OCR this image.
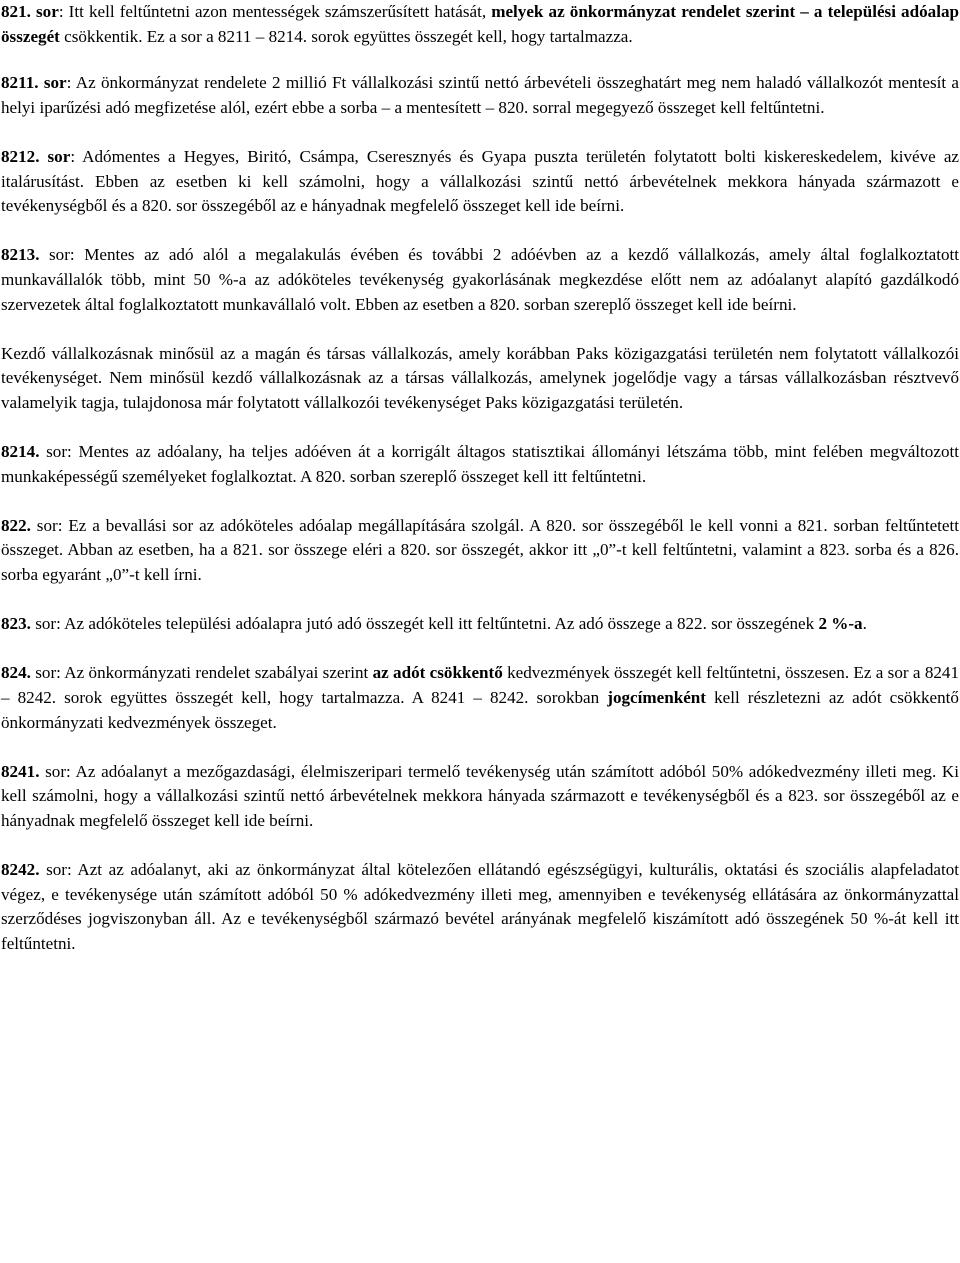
821. sor: Itt kell feltűntetni azon mentességek számszerűsített hatását, melyek az önkormányzat rendelet szerint – a települési adóalap összegét csökkentik. Ez a sor a 8211 – 8214. sorok együttes összegét kell, hogy tartalmazza.

8211. sor: Az önkormányzat rendelete 2 millió Ft vállalkozási szintű nettó árbevételi összeghatárt meg nem haladó vállalkozót mentesít a helyi iparűzési adó megfizetése alól, ezért ebbe a sorba – a mentesített – 820. sorral megegyező összeget kell feltűntetni.

8212. sor: Adómentes a Hegyes, Biritó, Csámpa, Cseresznyés és Gyapa puszta területén folytatott bolti kiskereskedelem, kivéve az italárusítást. Ebben az esetben ki kell számolni, hogy a vállalkozási szintű nettó árbevételnek mekkora hányada származott e tevékenységből és a 820. sor összegéből az e hányadnak megfelelő összeget kell ide beírni.

8213. sor: Mentes az adó alól a megalakulás évében és további 2 adóévben az a kezdő vállalkozás, amely által foglalkoztatott munkavállalók több, mint 50 %-a az adóköteles tevékenység gyakorlásának megkezdése előtt nem az adóalanyt alapító gazdálkodó szervezetek által foglalkoztatott munkavállaló volt. Ebben az esetben a 820. sorban szereplő összeget kell ide beírni.

Kezdő vállalkozásnak minősül az a magán és társas vállalkozás, amely korábban Paks közigazgatási területén nem folytatott vállalkozói tevékenységet. Nem minősül kezdő vállalkozásnak az a társas vállalkozás, amelynek jogelődje vagy a társas vállalkozásban résztvevő valamelyik tagja, tulajdonosa már folytatott vállalkozói tevékenységet Paks közigazgatási területén.

8214. sor: Mentes az adóalany, ha teljes adóéven át a korrigált áltagos statisztikai állományi létszáma több, mint felében megváltozott munkaképességű személyeket foglalkoztat. A 820. sorban szereplő összeget kell itt feltűntetni.

822. sor: Ez a bevallási sor az adóköteles adóalap megállapítására szolgál. A 820. sor összegéből le kell vonni a 821. sorban feltűntetett összeget. Abban az esetben, ha a 821. sor összege eléri a 820. sor összegét, akkor itt „0”-t kell feltűntetni, valamint a 823. sorba és a 826. sorba egyaránt „0”-t kell írni.

823. sor: Az adóköteles települési adóalapra jutó adó összegét kell itt feltűntetni. Az adó összege a 822. sor összegének 2 %-a.

824. sor: Az önkormányzati rendelet szabályai szerint az adót csökkentő kedvezmények összegét kell feltűntetni, összesen. Ez a sor a 8241 – 8242. sorok együttes összegét kell, hogy tartalmazza. A 8241 – 8242. sorokban jogcímenként kell részletezni az adót csökkentő önkormányzati kedvezmények összeget.

8241. sor: Az adóalanyt a mezőgazdasági, élelmiszeripari termelő tevékenység után számított adóból 50% adókedvezmény illeti meg. Ki kell számolni, hogy a vállalkozási szintű nettó árbevételnek mekkora hányada származott e tevékenységből és a 823. sor összegéből az e hányadnak megfelelő összeget kell ide beírni.

8242. sor: Azt az adóalanyt, aki az önkormányzat által kötelezően ellátandó egészségügyi, kulturális, oktatási és szociális alapfeladatot végez, e tevékenysége után számított adóból 50 % adókedvezmény illeti meg, amennyiben e tevékenység ellátására az önkormányzattal szerződéses jogviszonyban áll. Az e tevékenységből származó bevétel arányának megfelelő kiszámított adó összegének 50 %-át kell itt feltűntetni.
